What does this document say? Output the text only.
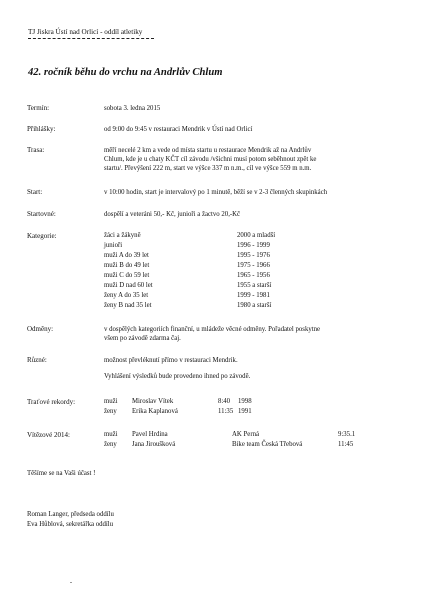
TJ Jiskra Ústí nad Orlicí - oddíl atletiky
42. ročník běhu do vrchu na Andrlův Chlum
Termín:	sobota 3. ledna 2015
Přihlášky:	od 9:00 do 9:45 v restauraci Mendrik v Ústí nad Orlicí
Trasa:	měří necelé 2 km a vede od místa startu u restaurace Mendrik až na Andrlův
Chlum, kde je u chaty KČT cíl závodu /všichni musí potom seběhnout zpět ke
startu/. Převýšení 222 m, start ve výšce 337 m n.m., cíl ve výšce 559 m n.m.
Start:	v 10:00 hodin, start je intervalový po 1 minutě, běží se v 2-3 členných skupinkách
Startovné:	dospělí a veteráni 50,- Kč, junioři a žactvo 20,-Kč
Kategorie:	žáci a žákyně	2000 a mladší
junioři	1996 - 1999
muži A do 39 let	1995 - 1976
muži B do 49 let	1975 - 1966
muži C do 59 let	1965 - 1956
muži D nad 60 let	1955 a starší
ženy A do 35 let	1999 - 1981
ženy B nad 35 let	1980 a starší
Odměny:	v dospělých kategoriích finanční, u mládeže věcné odměny. Pořadatel poskytne
všem po závodě zdarma čaj.
Různé:	možnost převléknutí přímo v restauraci Mendrik.
Vyhlášení výsledků bude provedeno ihned po závodě.
Traťové rekordy:	muži Miroslav Vítek	8:40 1998
ženy Erika Kaplanová	11:35 1991
Vítězové 2014:	muži Pavel Hrdina	AK Perná	9:35.1
ženy Jana Jiroušková	Bike team Česká Třebová	11:45
Těšíme se na Vaši účast !
Roman Langer, předseda oddílu
Eva Hůblová, sekretářka oddílu
